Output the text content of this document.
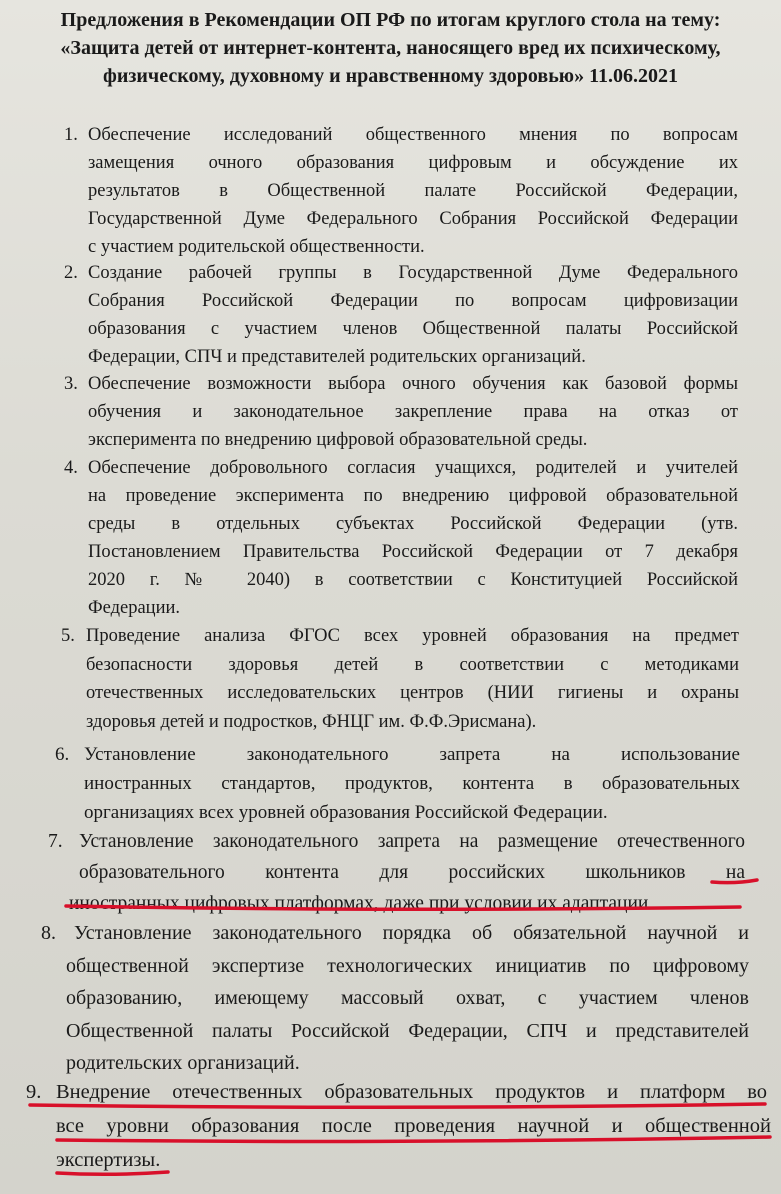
Предложения в Рекомендации ОП РФ по итогам круглого стола на тему:
«Защита детей от интернет-контента, наносящего вред их психическому,
физическому, духовному и нравственному здоровью» 11.06.2021
1. Обеспечение исследований общественного мнения по вопросам
замещения очного образования цифровым и обсуждение их
результатов в Общественной палате Российской Федерации,
Государственной Думе Федерального Собрания Российской Федерации
с участием родительской общественности.
2. Создание рабочей группы в Государственной Думе Федерального
Собрания Российской Федерации по вопросам цифровизации
образования с участием членов Общественной палаты Российской
Федерации, СПЧ и представителей родительских организаций.
3. Обеспечение возможности выбора очного обучения как базовой формы
обучения и законодательное закрепление права на отказ от
эксперимента по внедрению цифровой образовательной среды.
4. Обеспечение добровольного согласия учащихся, родителей и учителей
на проведение эксперимента по внедрению цифровой образовательной
среды в отдельных субъектах Российской Федерации (утв.
Постановлением Правительства Российской Федерации от 7 декабря
2020 г. № 2040) в соответствии с Конституцией Российской
Федерации.
5. Проведение анализа ФГОС всех уровней образования на предмет
безопасности здоровья детей в соответствии с методиками
отечественных исследовательских центров (НИИ гигиены и охраны
здоровья детей и подростков, ФНЦГ им. Ф.Ф.Эрисмана).
6. Установление законодательного запрета на использование
иностранных стандартов, продуктов, контента в образовательных
организациях всех уровней образования Российской Федерации.
7. Установление законодательного запрета на размещение отечественного
образовательного контента для российских школьников на
иностранных цифровых платформах, даже при условии их адаптации.
8. Установление законодательного порядка об обязательной научной и
общественной экспертизе технологических инициатив по цифровому
образованию, имеющему массовый охват, с участием членов
Общественной палаты Российской Федерации, СПЧ и представителей
родительских организаций.
9. Внедрение отечественных образовательных продуктов и платформ во
все уровни образования после проведения научной и общественной
экспертизы.
